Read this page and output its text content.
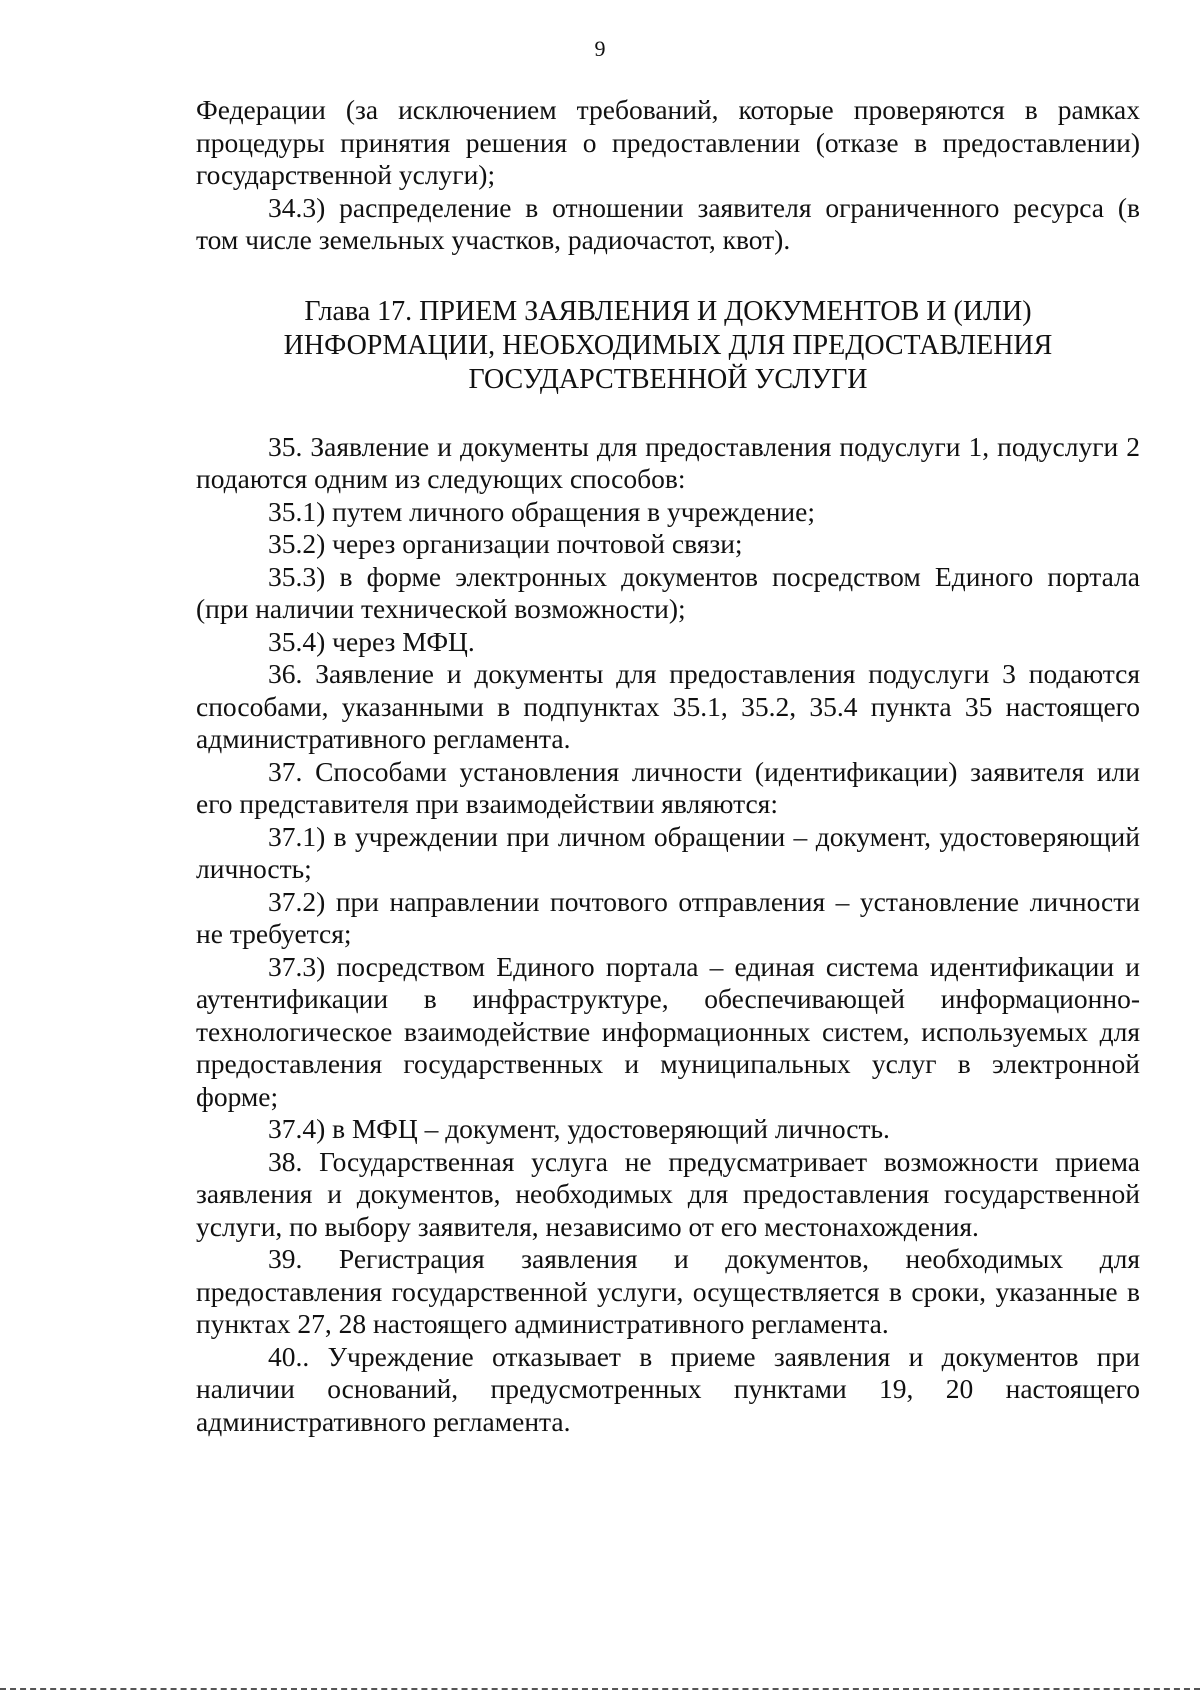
9

Федерации (за исключением требований, которые проверяются в рамках процедуры принятия решения о предоставлении (отказе в предоставлении) государственной услуги);

34.3) распределение в отношении заявителя ограниченного ресурса (в том числе земельных участков, радиочастот, квот).

Глава 17. ПРИЕМ ЗАЯВЛЕНИЯ И ДОКУМЕНТОВ И (ИЛИ)
ИНФОРМАЦИИ, НЕОБХОДИМЫХ ДЛЯ ПРЕДОСТАВЛЕНИЯ
ГОСУДАРСТВЕННОЙ УСЛУГИ

35. Заявление и документы для предоставления подуслуги 1, подуслуги 2 подаются одним из следующих способов:

35.1) путем личного обращения в учреждение;

35.2) через организации почтовой связи;

35.3) в форме электронных документов посредством Единого портала (при наличии технической возможности);

35.4) через МФЦ.

36. Заявление и документы для предоставления подуслуги 3 подаются способами, указанными в подпунктах 35.1, 35.2, 35.4 пункта 35 настоящего административного регламента.

37. Способами установления личности (идентификации) заявителя или его представителя при взаимодействии являются:

37.1) в учреждении при личном обращении – документ, удостоверяющий личность;

37.2) при направлении почтового отправления – установление личности не требуется;

37.3) посредством Единого портала – единая система идентификации и аутентификации в инфраструктуре, обеспечивающей информационно-технологическое взаимодействие информационных систем, используемых для предоставления государственных и муниципальных услуг в электронной форме;

37.4) в МФЦ – документ, удостоверяющий личность.

38. Государственная услуга не предусматривает возможности приема заявления и документов, необходимых для предоставления государственной услуги, по выбору заявителя, независимо от его местонахождения.

39. Регистрация заявления и документов, необходимых для предоставления государственной услуги, осуществляется в сроки, указанные в пунктах 27, 28 настоящего административного регламента.

40.. Учреждение отказывает в приеме заявления и документов при наличии оснований, предусмотренных пунктами 19, 20 настоящего административного регламента.
